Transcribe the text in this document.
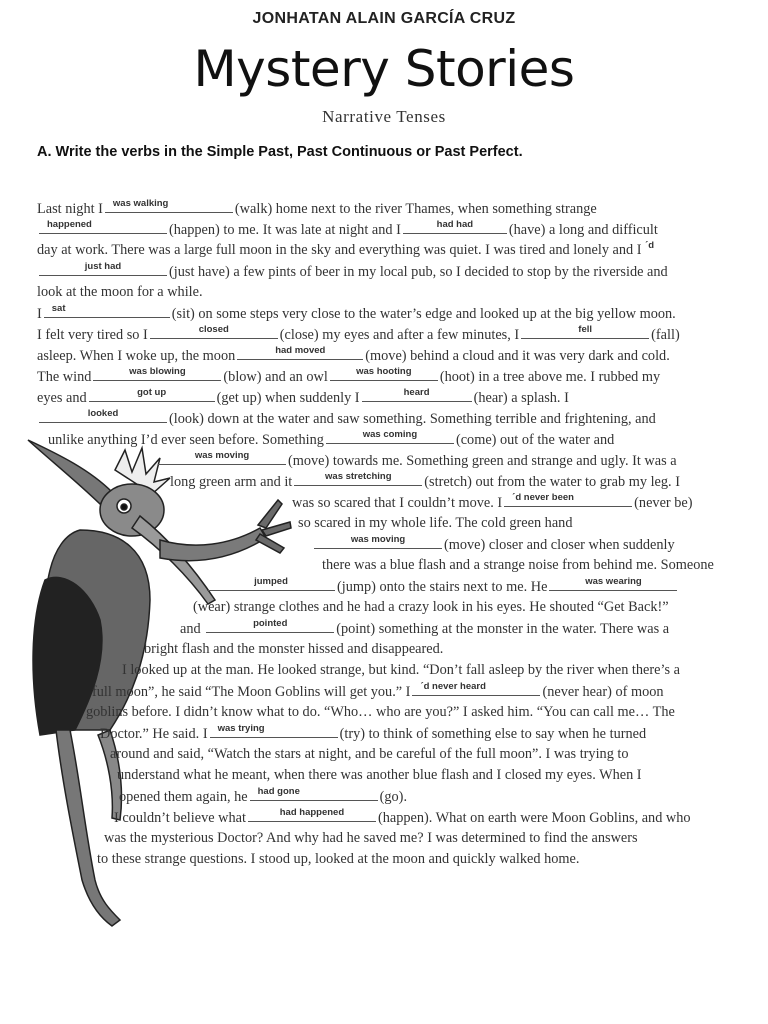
JONHATAN ALAIN GARCÍA CRUZ
Mystery Stories
Narrative Tenses
A. Write the verbs in the Simple Past, Past Continuous or Past Perfect.
Last night I was walking	(walk) home next to the river Thames, when something strange
happened	(happen) to me. It was late at night and I	had had	(have) a long and difficult
day at work. There was a large full moon in the sky and everything was quiet. I was tired and lonely and I $^{´d}$
just had	(just have) a few pints of beer in my local pub, so I decided to stop by the riverside and
look at the moon for a while.
I sat	(sit) on some steps very close to the water’s edge and looked up at the big yellow moon.
I felt very tired so I	closed	(close) my eyes and after a few minutes, I	fell	(fall)
asleep. When I woke up, the moon	had moved	(move) behind a cloud and it was very dark and cold.
The wind	was blowing	(blow) and an owl	was hooting	(hoot) in a tree above me. I rubbed my
eyes and	got up	(get up) when suddenly I	heard	(hear) a splash. I
looked	(look) down at the water and saw something. Something terrible and frightening, and
unlike anything I’d ever seen before. Something	was coming	(come) out of the water and
was moving	(move) towards me. Something green and strange and ugly. It was a
long green arm and it	was stretching	(stretch) out from the water to grab my leg. I
was so scared that I couldn’t move. I ´d never been	(never be)
so scared in my whole life. The cold green hand
was moving	(move) closer and closer when suddenly
there was a blue flash and a strange noise from behind me. Someone
jumped	(jump) onto the stairs next to me. He	was wearing
(wear) strange clothes and he had a crazy look in his eyes. He shouted “Get Back!”
and	pointed	(point) something at the monster in the water. There was a
bright flash and the monster hissed and disappeared.
I looked up at the man. He looked strange, but kind. “Don’t fall asleep by the river when there’s a
full moon”, he said “The Moon Goblins will get you.” I ´d never heard	(never hear) of moon
goblins before. I didn’t know what to do. “Who… who are you?” I asked him. “You can call me… The
Doctor.” He said. I was trying	(try) to think of something else to say when he turned
around and said, “Watch the stars at night, and be careful of the full moon”. I was trying to
understand what he meant, when there was another blue flash and I closed my eyes. When I
opened them again, he had gone	(go).
I couldn’t believe what	had happened	(happen). What on earth were Moon Goblins, and who
was the mysterious Doctor? And why had he saved me? I was determined to find the answers
to these strange questions. I stood up, looked at the moon and quickly walked home.
